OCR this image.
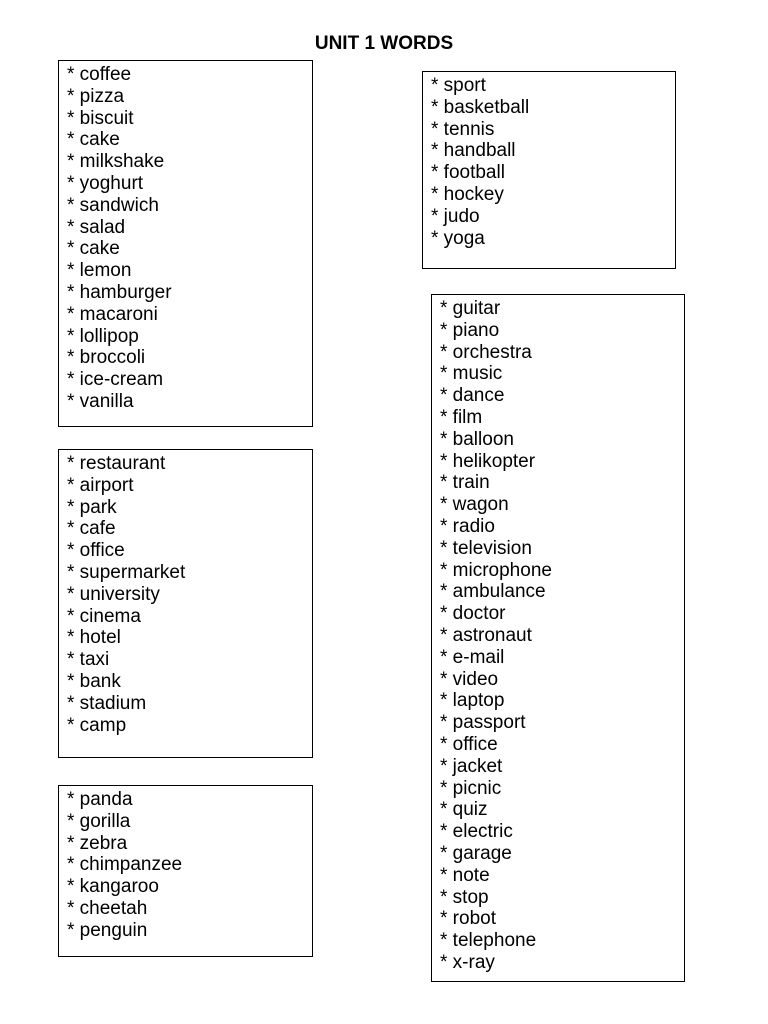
UNIT 1 WORDS
* coffee
* pizza
* biscuit
* cake
* milkshake
* yoghurt
* sandwich
* salad
* cake
* lemon
* hamburger
* macaroni
* lollipop
* broccoli
* ice-cream
* vanilla
* restaurant
* airport
* park
* cafe
* office
* supermarket
* university
* cinema
* hotel
* taxi
* bank
* stadium
* camp
* panda
* gorilla
* zebra
* chimpanzee
* kangaroo
* cheetah
* penguin
* sport
* basketball
* tennis
* handball
* football
* hockey
* judo
* yoga
* guitar
* piano
* orchestra
* music
* dance
* film
* balloon
* helikopter
* train
* wagon
* radio
* television
* microphone
* ambulance
* doctor
* astronaut
* e-mail
* video
* laptop
* passport
* office
* jacket
* picnic
* quiz
* electric
* garage
* note
* stop
* robot
* telephone
* x-ray
